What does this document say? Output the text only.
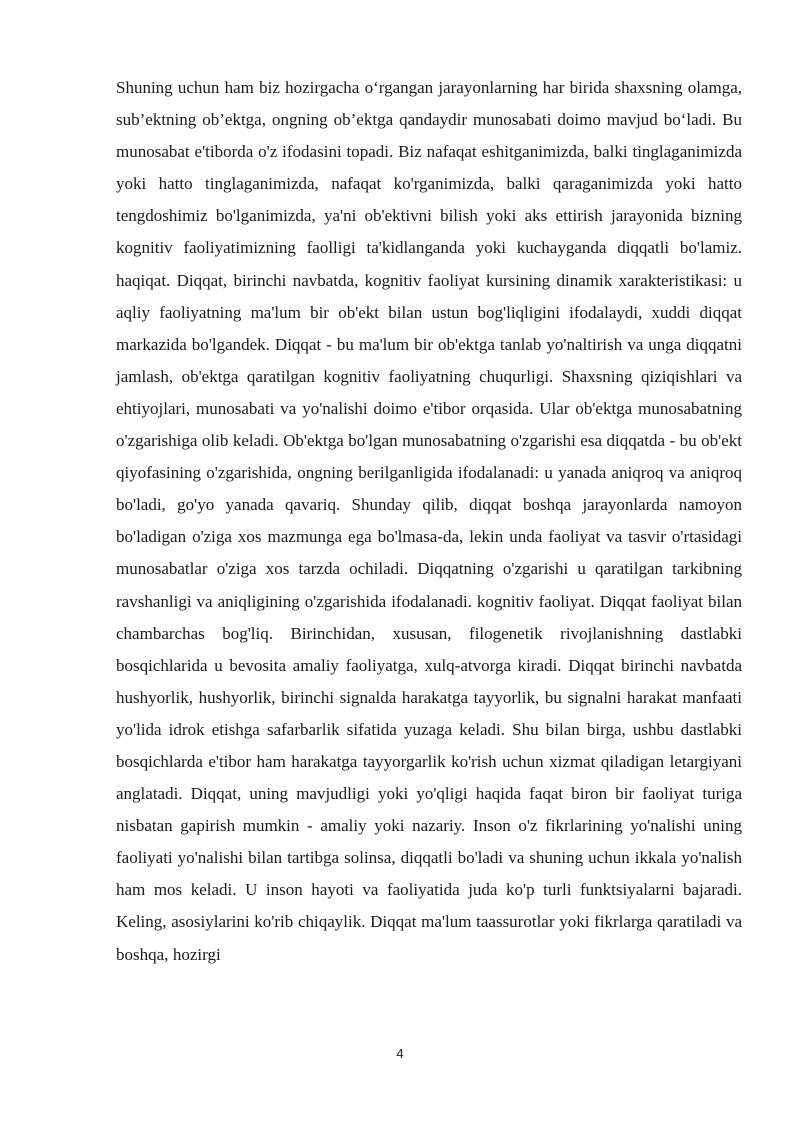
Shuning uchun ham biz hozirgacha o‘rgangan jarayonlarning har birida shaxsning olamga, sub’ektning ob’ektga, ongning ob’ektga qandaydir munosabati doimo mavjud bo‘ladi. Bu munosabat e'tiborda o'z ifodasini topadi. Biz nafaqat eshitganimizda, balki tinglaganimizda yoki hatto tinglaganimizda, nafaqat ko'rganimizda, balki qaraganimizda yoki hatto tengdoshimiz bo'lganimizda, ya'ni ob'ektivni bilish yoki aks ettirish jarayonida bizning kognitiv faoliyatimizning faolligi ta'kidlanganda yoki kuchayganda diqqatli bo'lamiz. haqiqat. Diqqat, birinchi navbatda, kognitiv faoliyat kursining dinamik xarakteristikasi: u aqliy faoliyatning ma'lum bir ob'ekt bilan ustun bog'liqligini ifodalaydi, xuddi diqqat markazida bo'lgandek. Diqqat - bu ma'lum bir ob'ektga tanlab yo'naltirish va unga diqqatni jamlash, ob'ektga qaratilgan kognitiv faoliyatning chuqurligi. Shaxsning qiziqishlari va ehtiyojlari, munosabati va yo'nalishi doimo e'tibor orqasida. Ular ob'ektga munosabatning o'zgarishiga olib keladi. Ob'ektga bo'lgan munosabatning o'zgarishi esa diqqatda - bu ob'ekt qiyofasining o'zgarishida, ongning berilganligida ifodalanadi: u yanada aniqroq va aniqroq bo'ladi, go'yo yanada qavariq. Shunday qilib, diqqat boshqa jarayonlarda namoyon bo'ladigan o'ziga xos mazmunga ega bo'lmasa-da, lekin unda faoliyat va tasvir o'rtasidagi munosabatlar o'ziga xos tarzda ochiladi. Diqqatning o'zgarishi u qaratilgan tarkibning ravshanligi va aniqligining o'zgarishida ifodalanadi. kognitiv faoliyat. Diqqat faoliyat bilan chambarchas bog'liq. Birinchidan, xususan, filogenetik rivojlanishning dastlabki bosqichlarida u bevosita amaliy faoliyatga, xulq-atvorga kiradi. Diqqat birinchi navbatda hushyorlik, hushyorlik, birinchi signalda harakatga tayyorlik, bu signalni harakat manfaati yo'lida idrok etishga safarbarlik sifatida yuzaga keladi. Shu bilan birga, ushbu dastlabki bosqichlarda e'tibor ham harakatga tayyorgarlik ko'rish uchun xizmat qiladigan letargiyani anglatadi. Diqqat, uning mavjudligi yoki yo'qligi haqida faqat biron bir faoliyat turiga nisbatan gapirish mumkin - amaliy yoki nazariy. Inson o'z fikrlarining yo'nalishi uning faoliyati yo'nalishi bilan tartibga solinsa, diqqatli bo'ladi va shuning uchun ikkala yo'nalish ham mos keladi. U inson hayoti va faoliyatida juda ko'p turli funktsiyalarni bajaradi. Keling, asosiylarini ko'rib chiqaylik. Diqqat ma'lum taassurotlar yoki fikrlarga qaratiladi va boshqa, hozirgi

4
